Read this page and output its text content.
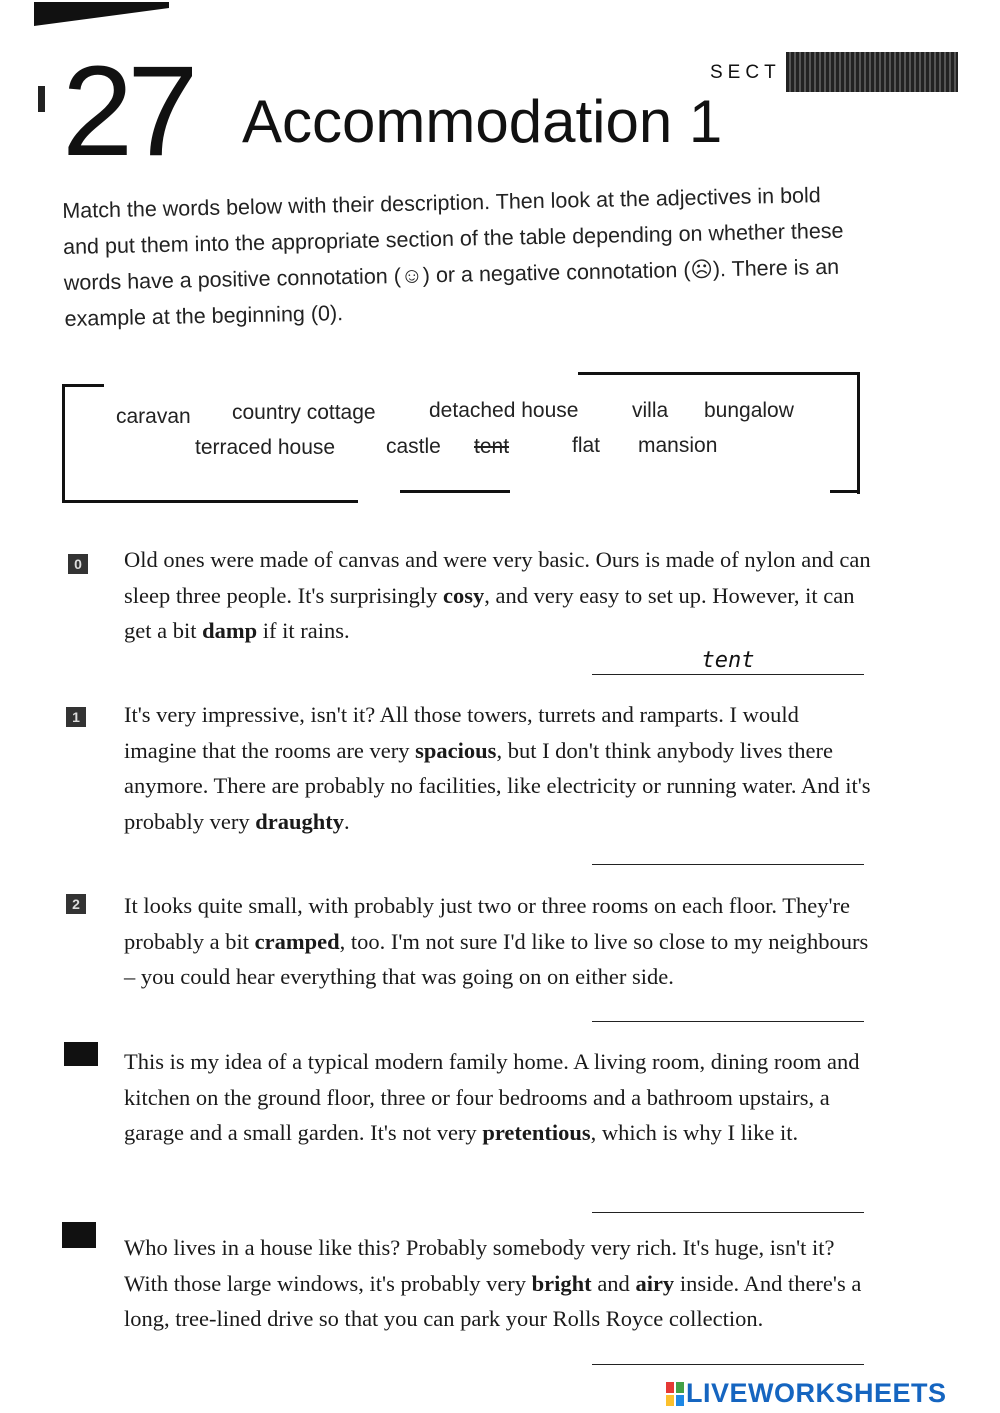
27 Accommodation 1
SECT
Match the words below with their description. Then look at the adjectives in bold and put them into the appropriate section of the table depending on whether these words have a positive connotation (☺) or a negative connotation (☹). There is an example at the beginning (0).
caravan country cottage	detached house	villa bungalow
terraced house castle tent	flat mansion
0 Old ones were made of canvas and were very basic. Ours is made of nylon and can sleep three people. It's surprisingly cosy, and very easy to set up. However, it can get a bit damp if it rains.
tent
1 It's very impressive, isn't it? All those towers, turrets and ramparts. I would imagine that the rooms are very spacious, but I don't think anybody lives there anymore. There are probably no facilities, like electricity or running water. And it's probably very draughty.
2 It looks quite small, with probably just two or three rooms on each floor. They're probably a bit cramped, too. I'm not sure I'd like to live so close to my neighbours – you could hear everything that was going on on either side.
This is my idea of a typical modern family home. A living room, dining room and kitchen on the ground floor, three or four bedrooms and a bathroom upstairs, a garage and a small garden. It's not very pretentious, which is why I like it.
Who lives in a house like this? Probably somebody very rich. It's huge, isn't it? With those large windows, it's probably very bright and airy inside. And there's a long, tree-lined drive so that you can park your Rolls Royce collection.
LIVEWORKSHEETS
